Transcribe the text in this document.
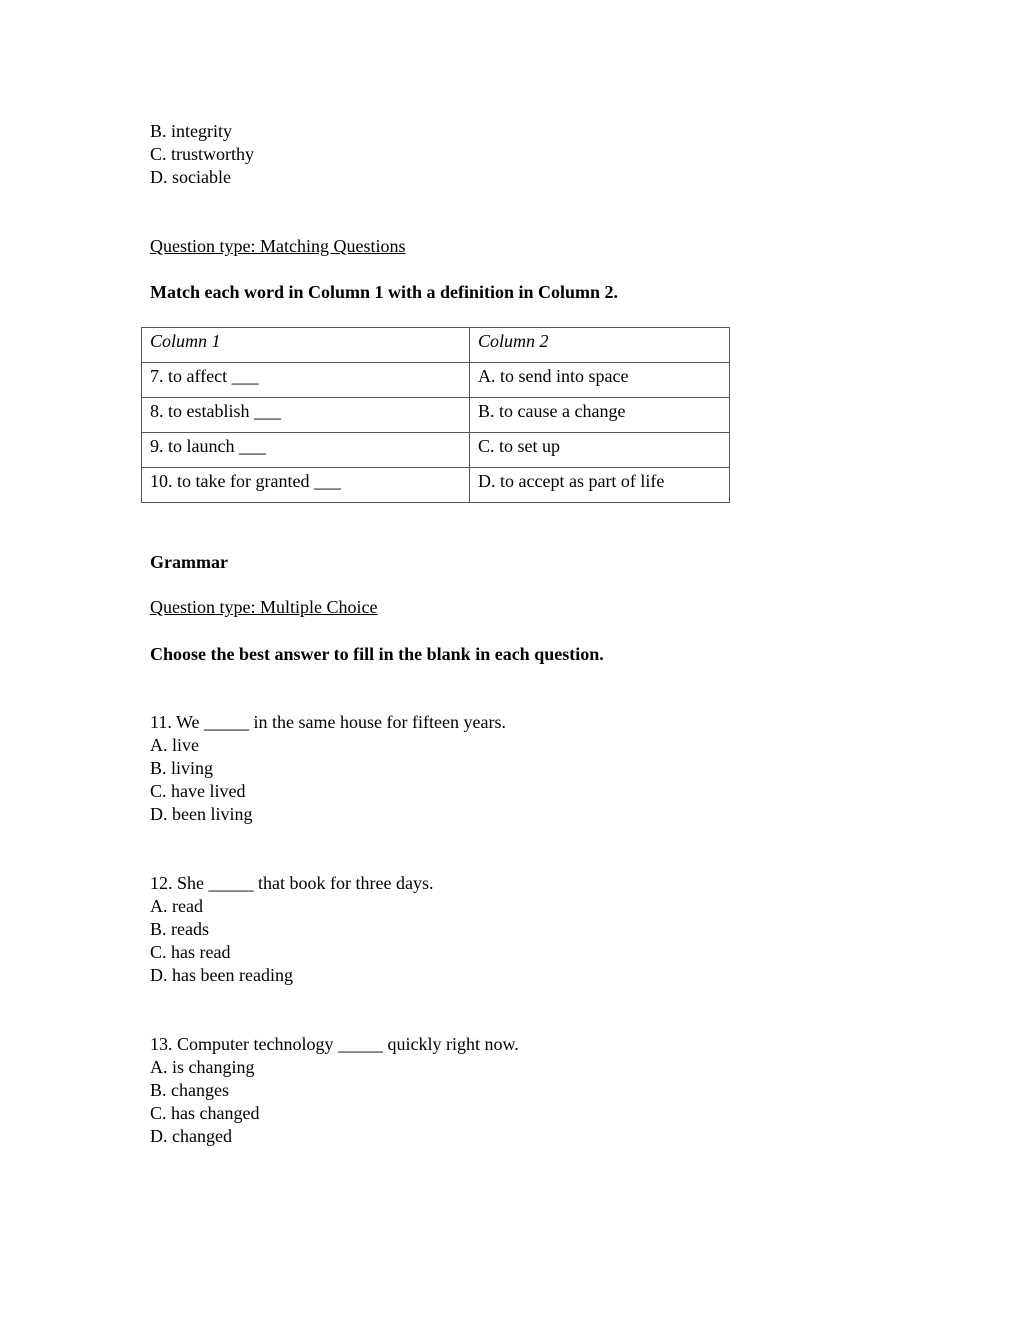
B. integrity
C. trustworthy
D. sociable
Question type: Matching Questions
Match each word in Column 1 with a definition in Column 2.
Column 1	Column 2
7. to affect ___	A. to send into space
8. to establish ___	B. to cause a change
9. to launch ___	C. to set up
10. to take for granted ___	D. to accept as part of life
Grammar
Question type: Multiple Choice
Choose the best answer to fill in the blank in each question.
11. We _____ in the same house for fifteen years.
A. live
B. living
C. have lived
D. been living
12. She _____ that book for three days.
A. read
B. reads
C. has read
D. has been reading
13. Computer technology _____ quickly right now.
A. is changing
B. changes
C. has changed
D. changed
